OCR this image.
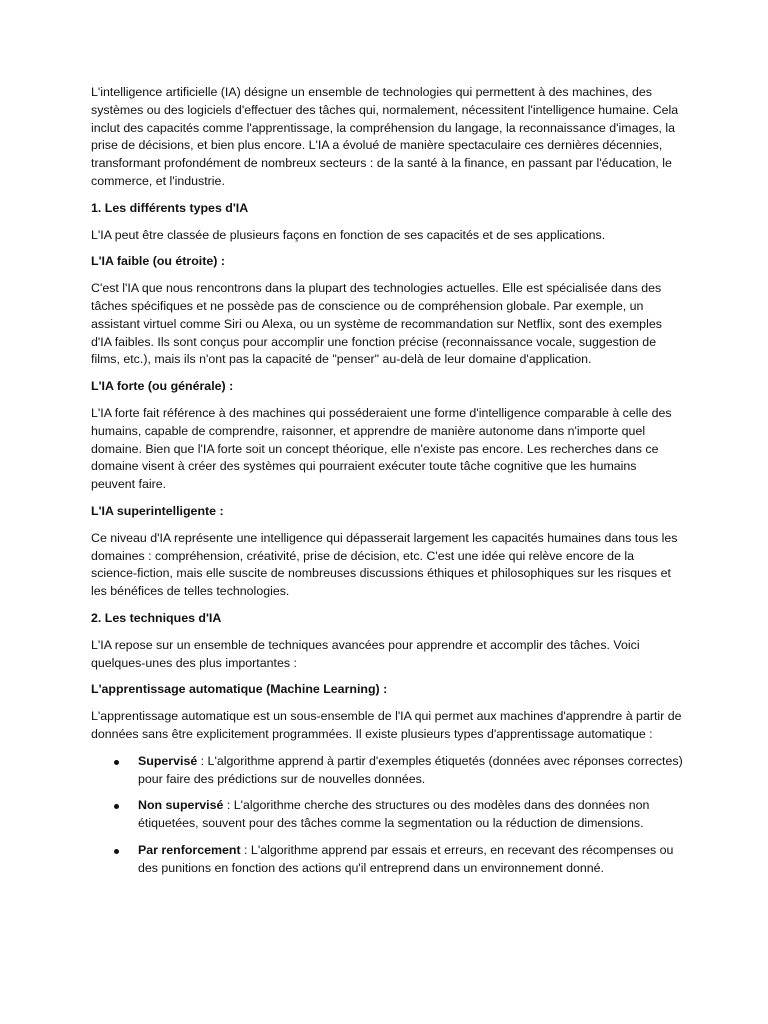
L'intelligence artificielle (IA) désigne un ensemble de technologies qui permettent à des machines, des systèmes ou des logiciels d'effectuer des tâches qui, normalement, nécessitent l'intelligence humaine. Cela inclut des capacités comme l'apprentissage, la compréhension du langage, la reconnaissance d'images, la prise de décisions, et bien plus encore. L'IA a évolué de manière spectaculaire ces dernières décennies, transformant profondément de nombreux secteurs : de la santé à la finance, en passant par l'éducation, le commerce, et l'industrie.

1. Les différents types d'IA

L'IA peut être classée de plusieurs façons en fonction de ses capacités et de ses applications.

L'IA faible (ou étroite) :

C'est l'IA que nous rencontrons dans la plupart des technologies actuelles. Elle est spécialisée dans des tâches spécifiques et ne possède pas de conscience ou de compréhension globale. Par exemple, un assistant virtuel comme Siri ou Alexa, ou un système de recommandation sur Netflix, sont des exemples d'IA faibles. Ils sont conçus pour accomplir une fonction précise (reconnaissance vocale, suggestion de films, etc.), mais ils n'ont pas la capacité de "penser" au-delà de leur domaine d'application.

L'IA forte (ou générale) :

L'IA forte fait référence à des machines qui posséderaient une forme d'intelligence comparable à celle des humains, capable de comprendre, raisonner, et apprendre de manière autonome dans n'importe quel domaine. Bien que l'IA forte soit un concept théorique, elle n'existe pas encore. Les recherches dans ce domaine visent à créer des systèmes qui pourraient exécuter toute tâche cognitive que les humains peuvent faire.

L'IA superintelligente :

Ce niveau d'IA représente une intelligence qui dépasserait largement les capacités humaines dans tous les domaines : compréhension, créativité, prise de décision, etc. C'est une idée qui relève encore de la science-fiction, mais elle suscite de nombreuses discussions éthiques et philosophiques sur les risques et les bénéfices de telles technologies.

2. Les techniques d'IA

L'IA repose sur un ensemble de techniques avancées pour apprendre et accomplir des tâches. Voici quelques-unes des plus importantes :

L'apprentissage automatique (Machine Learning) :

L'apprentissage automatique est un sous-ensemble de l'IA qui permet aux machines d'apprendre à partir de données sans être explicitement programmées. Il existe plusieurs types d'apprentissage automatique :

Supervisé : L'algorithme apprend à partir d'exemples étiquetés (données avec réponses correctes) pour faire des prédictions sur de nouvelles données.
Non supervisé : L'algorithme cherche des structures ou des modèles dans des données non étiquetées, souvent pour des tâches comme la segmentation ou la réduction de dimensions.
Par renforcement : L'algorithme apprend par essais et erreurs, en recevant des récompenses ou des punitions en fonction des actions qu'il entreprend dans un environnement donné.
